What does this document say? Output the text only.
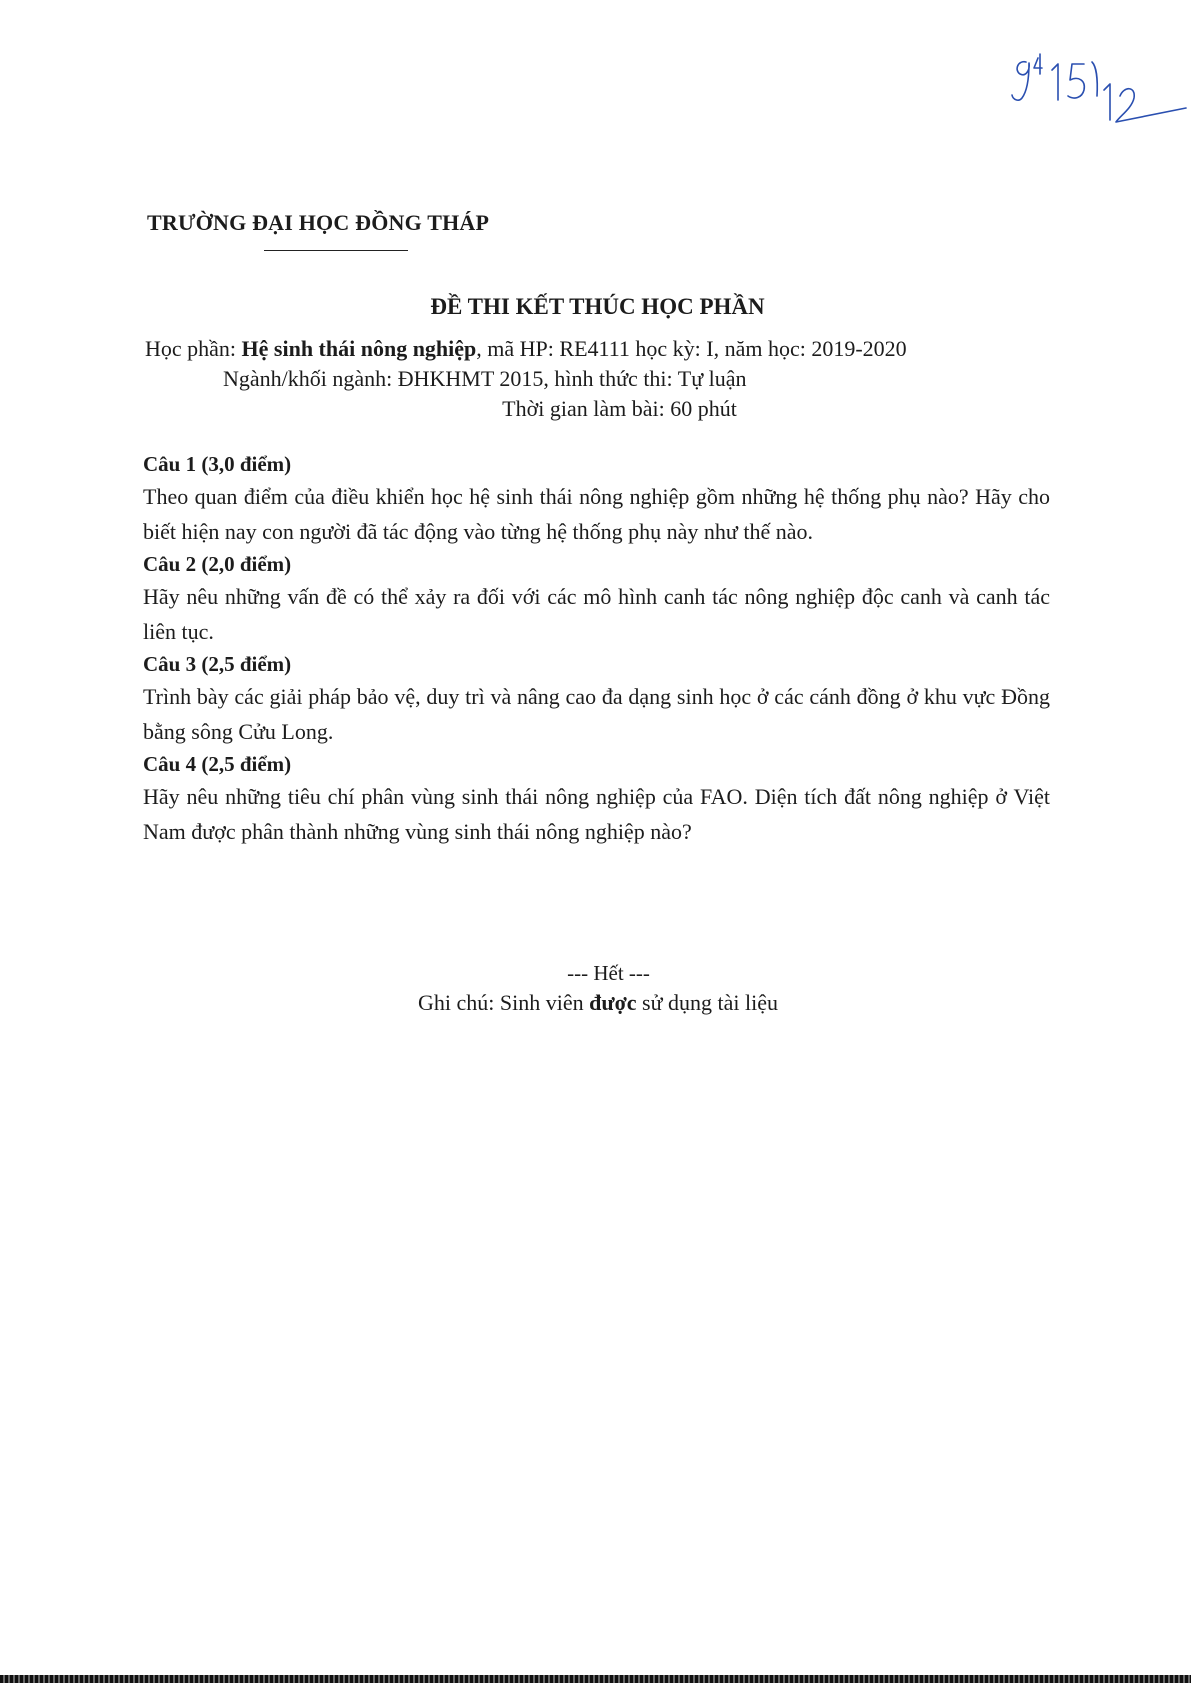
TRƯỜNG ĐẠI HỌC ĐỒNG THÁP
ĐỀ THI KẾT THÚC HỌC PHẦN
Học phần: Hệ sinh thái nông nghiệp, mã HP: RE4111 học kỳ: I, năm học: 2019-2020
Ngành/khối ngành: ĐHKHMT 2015, hình thức thi: Tự luận
Thời gian làm bài: 60 phút
Câu 1 (3,0 điểm)
Theo quan điểm của điều khiển học hệ sinh thái nông nghiệp gồm những hệ thống phụ nào? Hãy cho biết hiện nay con người đã tác động vào từng hệ thống phụ này như thế nào.
Câu 2 (2,0 điểm)
Hãy nêu những vấn đề có thể xảy ra đối với các mô hình canh tác nông nghiệp độc canh và canh tác liên tục.
Câu 3 (2,5 điểm)
Trình bày các giải pháp bảo vệ, duy trì và nâng cao đa dạng sinh học ở các cánh đồng ở khu vực Đồng bằng sông Cửu Long.
Câu 4 (2,5 điểm)
Hãy nêu những tiêu chí phân vùng sinh thái nông nghiệp của FAO. Diện tích đất nông nghiệp ở Việt Nam được phân thành những vùng sinh thái nông nghiệp nào?
--- Hết ---
Ghi chú: Sinh viên được sử dụng tài liệu
